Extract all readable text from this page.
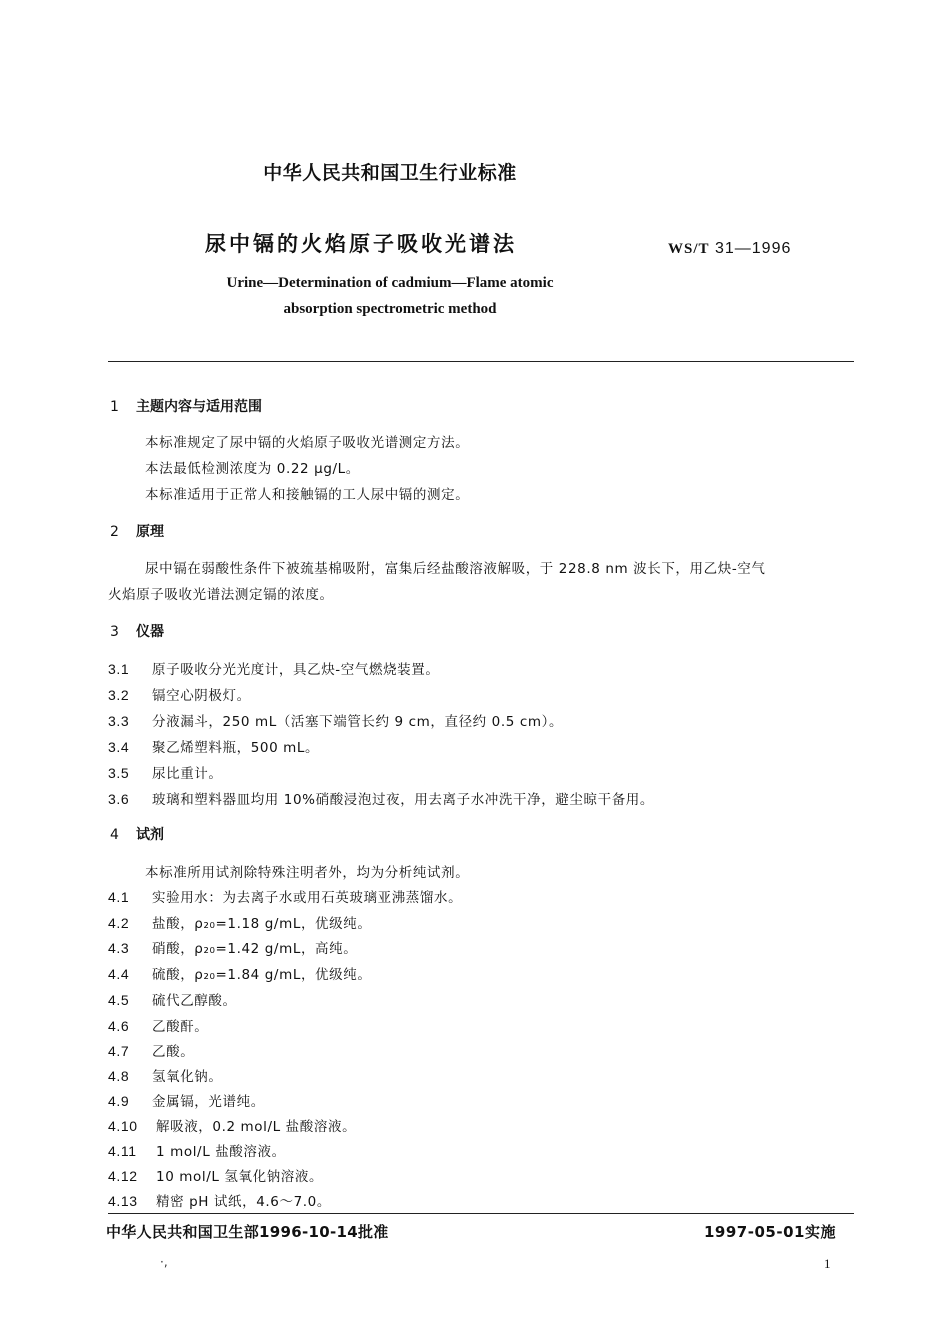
中华人民共和国卫生行业标准
尿中镉的火焰原子吸收光谱法	WS/T 31—1996
Urine—Determination of cadmium—Flame atomic
absorption spectrometric method
1 主题内容与适用范围
本标准规定了尿中镉的火焰原子吸收光谱测定方法。
本法最低检测浓度为 0.22 μg/L。
本标准适用于正常人和接触镉的工人尿中镉的测定。
2 原理
尿中镉在弱酸性条件下被巯基棉吸附，富集后经盐酸溶液解吸，于 228.8 nm 波长下，用乙炔-空气
火焰原子吸收光谱法测定镉的浓度。
3 仪器
3.1 原子吸收分光光度计，具乙炔-空气燃烧装置。
3.2 镉空心阴极灯。
3.3 分液漏斗，250 mL（活塞下端管长约 9 cm，直径约 0.5 cm）。
3.4 聚乙烯塑料瓶，500 mL。
3.5 尿比重计。
3.6 玻璃和塑料器皿均用 10%硝酸浸泡过夜，用去离子水冲洗干净，避尘晾干备用。
4 试剂
本标准所用试剂除特殊注明者外，均为分析纯试剂。
4.1 实验用水：为去离子水或用石英玻璃亚沸蒸馏水。
4.2 盐酸，ρ₂₀=1.18 g/mL，优级纯。
4.3 硝酸，ρ₂₀=1.42 g/mL，高纯。
4.4 硫酸，ρ₂₀=1.84 g/mL，优级纯。
4.5 硫代乙醇酸。
4.6 乙酸酐。
4.7 乙酸。
4.8 氢氧化钠。
4.9 金属镉，光谱纯。
4.10 解吸液，0.2 mol/L 盐酸溶液。
4.11 1 mol/L 盐酸溶液。
4.12 10 mol/L 氢氧化钠溶液。
4.13 精密 pH 试纸，4.6～7.0。
中华人民共和国卫生部1996-10-14批准	1997-05-01实施
·,	1
